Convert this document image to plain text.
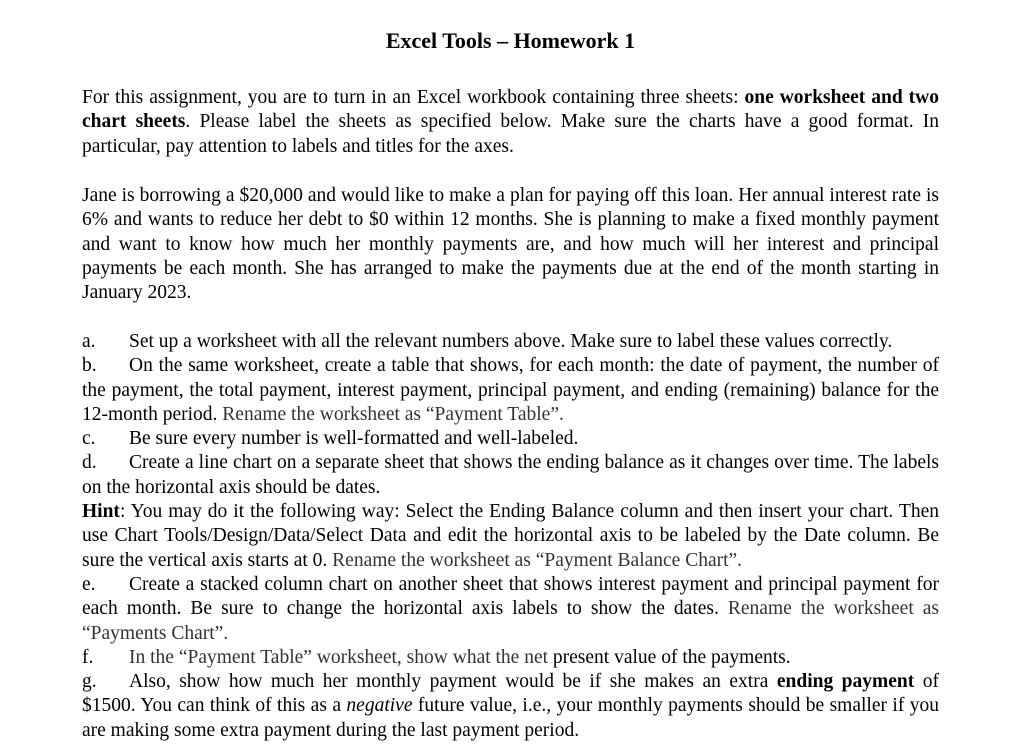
Excel Tools – Homework 1

For this assignment, you are to turn in an Excel workbook containing three sheets: one worksheet and two chart sheets. Please label the sheets as specified below. Make sure the charts have a good format. In particular, pay attention to labels and titles for the axes.

Jane is borrowing a $20,000 and would like to make a plan for paying off this loan. Her annual interest rate is 6% and wants to reduce her debt to $0 within 12 months. She is planning to make a fixed monthly payment and want to know how much her monthly payments are, and how much will her interest and principal payments be each month. She has arranged to make the payments due at the end of the month starting in January 2023.

a. Set up a worksheet with all the relevant numbers above. Make sure to label these values correctly.

b. On the same worksheet, create a table that shows, for each month: the date of payment, the number of the payment, the total payment, interest payment, principal payment, and ending (remaining) balance for the 12-month period. Rename the worksheet as “Payment Table”.

c. Be sure every number is well-formatted and well-labeled.

d. Create a line chart on a separate sheet that shows the ending balance as it changes over time. The labels on the horizontal axis should be dates.

Hint: You may do it the following way: Select the Ending Balance column and then insert your chart. Then use Chart Tools/Design/Data/Select Data and edit the horizontal axis to be labeled by the Date column. Be sure the vertical axis starts at 0. Rename the worksheet as “Payment Balance Chart”.

e. Create a stacked column chart on another sheet that shows interest payment and principal payment for each month. Be sure to change the horizontal axis labels to show the dates. Rename the worksheet as “Payments Chart”.

f. In the “Payment Table” worksheet, show what the net present value of the payments.

g. Also, show how much her monthly payment would be if she makes an extra ending payment of $1500. You can think of this as a negative future value, i.e., your monthly payments should be smaller if you are making some extra payment during the last payment period.
